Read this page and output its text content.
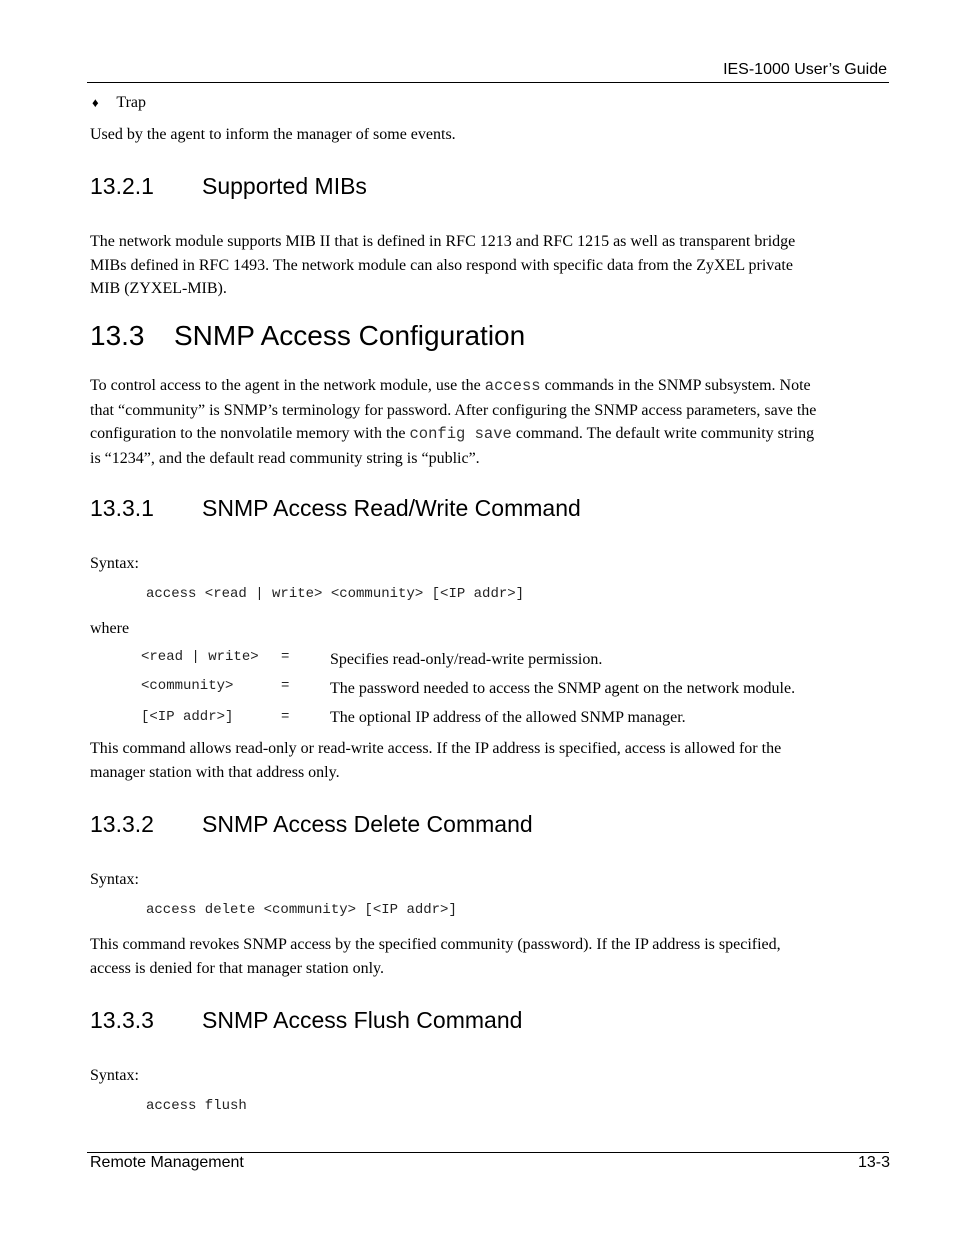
IES-1000 User’s Guide
♦ Trap
Used by the agent to inform the manager of some events.
13.2.1 Supported MIBs
The network module supports MIB II that is defined in RFC 1213 and RFC 1215 as well as transparent bridge
MIBs defined in RFC 1493. The network module can also respond with specific data from the ZyXEL private
MIB (ZYXEL-MIB).
13.3 SNMP Access Configuration
To control access to the agent in the network module, use the access commands in the SNMP subsystem. Note
that “community” is SNMP’s terminology for password. After configuring the SNMP access parameters, save the
configuration to the nonvolatile memory with the config save command. The default write community string
is “1234”, and the default read community string is “public”.
13.3.1 SNMP Access Read/Write Command
Syntax:
access <read | write> <community> [<IP addr>]
where
<read | write> =	Specifies read-only/read-write permission.
<community>	=	The password needed to access the SNMP agent on the network module.
[<IP addr>]	=	The optional IP address of the allowed SNMP manager.
This command allows read-only or read-write access. If the IP address is specified, access is allowed for the
manager station with that address only.
13.3.2 SNMP Access Delete Command
Syntax:
access delete <community> [<IP addr>]
This command revokes SNMP access by the specified community (password). If the IP address is specified,
access is denied for that manager station only.
13.3.3 SNMP Access Flush Command
Syntax:
access flush
Remote Management	13-3
